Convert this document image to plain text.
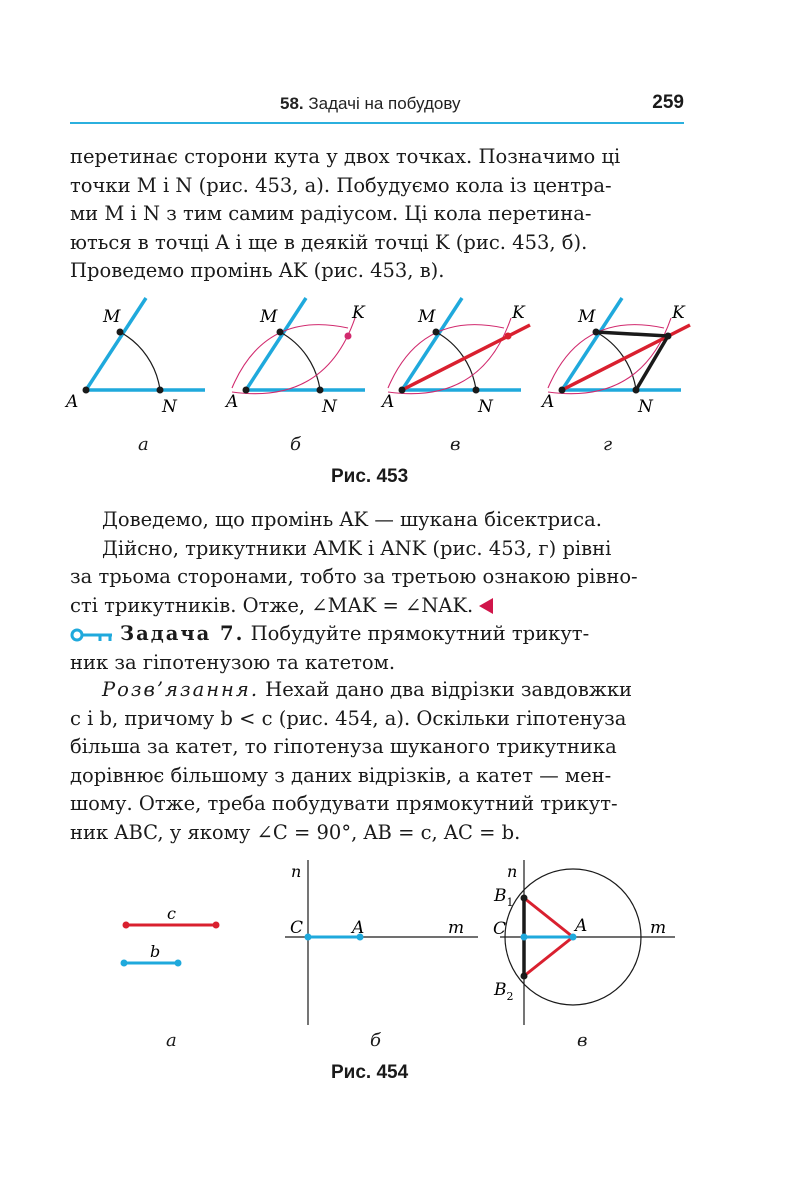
58. Задачі на побудову	259
перетинає сторони кута у двох точках. Позначимо ці
точки M і N (рис. 453, а). Побудуємо кола із центра-
ми M і N з тим самим радіусом. Ці кола перетина-
ються в точці A і ще в деякій точці K (рис. 453, б).
Проведемо промінь AK (рис. 453, в).
M
A	N
M	K
A	N
M	K
A	N
M	K
A	N
а	б	в	г
Рис. 453
Доведемо, що промінь AK — шукана бісектриса.
Дійсно, трикутники AMK і ANK (рис. 453, г) рівні
за трьома сторонами, тобто за третьою ознакою рівно-
сті трикутників. Отже, ∠MAK = ∠NAK.
Задача 7. Побудуйте прямокутний трикут-
ник за гіпотенузою та катетом.
Розв’язання. Нехай дано два відрізки завдовжки
c і b, причому b < c (рис. 454, а). Оскільки гіпотенуза
більша за катет, то гіпотенуза шуканого трикутника
дорівнює більшому з даних відрізків, а катет — мен-
шому. Отже, треба побудувати прямокутний трикут-
ник ABC, у якому ∠C = 90°, AB = c, AC = b.
c
b
n
C	A	m
n
$B_1$
C	A	m
$B_2$
а	б	в
Рис. 454
